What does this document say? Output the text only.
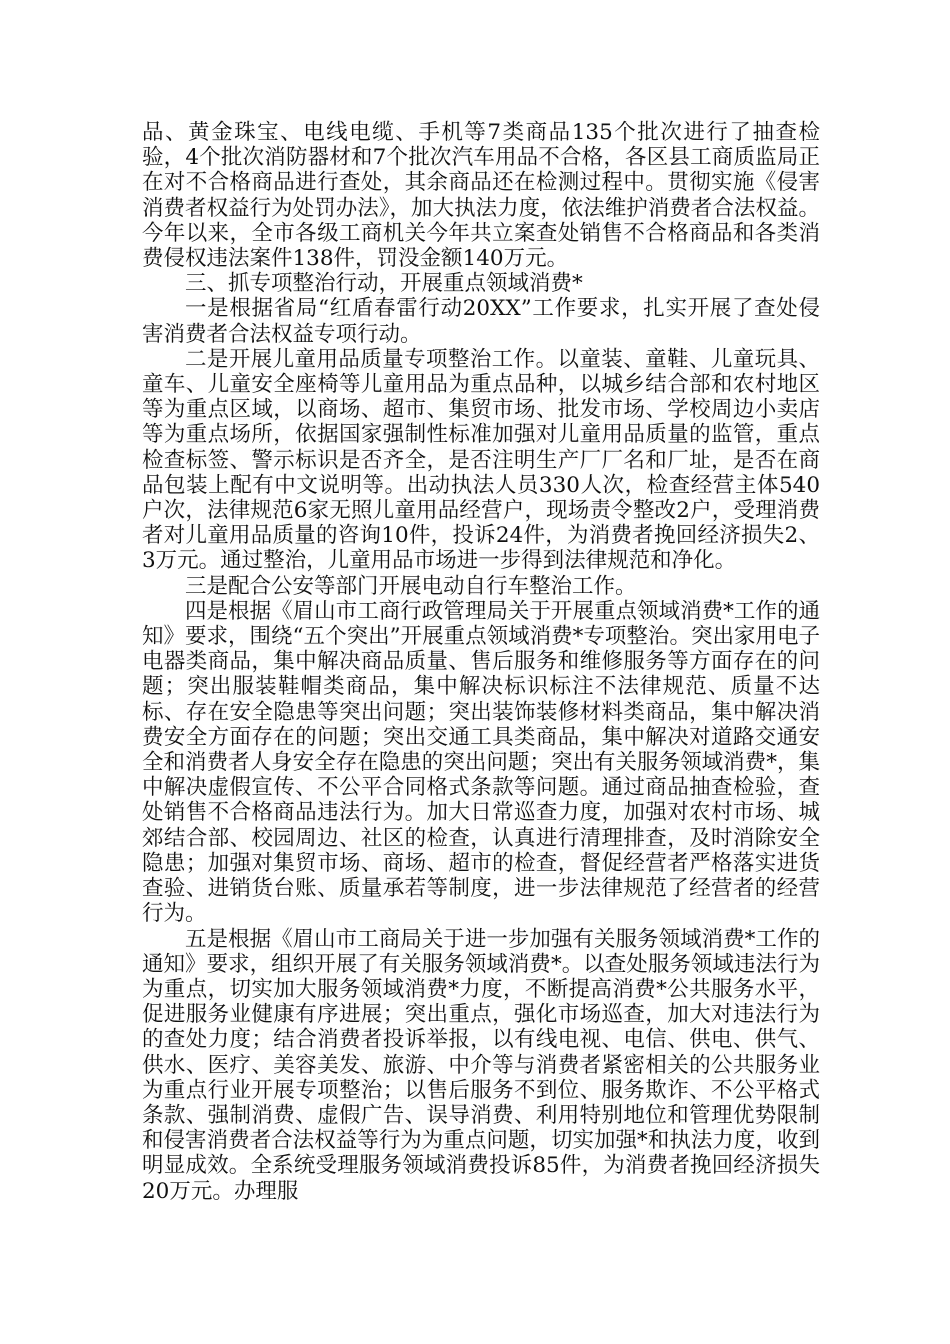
品、黄金珠宝、电线电缆、手机等7类商品135个批次进行了抽查检验，4个批次消防器材和7个批次汽车用品不合格，各区县工商质监局正在对不合格商品进行查处，其余商品还在检测过程中。贯彻实施《侵害消费者权益行为处罚办法》，加大执法力度，依法维护消费者合法权益。今年以来，全市各级工商机关今年共立案查处销售不合格商品和各类消费侵权违法案件138件，罚没金额140万元。

三、抓专项整治行动，开展重点领域消费*

一是根据省局“红盾春雷行动20XX”工作要求，扎实开展了查处侵害消费者合法权益专项行动。

二是开展儿童用品质量专项整治工作。以童装、童鞋、儿童玩具、童车、儿童安全座椅等儿童用品为重点品种，以城乡结合部和农村地区等为重点区域，以商场、超市、集贸市场、批发市场、学校周边小卖店等为重点场所，依据国家强制性标准加强对儿童用品质量的监管，重点检查标签、警示标识是否齐全，是否注明生产厂厂名和厂址，是否在商品包装上配有中文说明等。出动执法人员330人次，检查经营主体540户次，法律规范6家无照儿童用品经营户，现场责令整改2户，受理消费者对儿童用品质量的咨询10件，投诉24件，为消费者挽回经济损失2、3万元。通过整治，儿童用品市场进一步得到法律规范和净化。

三是配合公安等部门开展电动自行车整治工作。

四是根据《眉山市工商行政管理局关于开展重点领域消费*工作的通知》要求，围绕“五个突出”开展重点领域消费*专项整治。突出家用电子电器类商品，集中解决商品质量、售后服务和维修服务等方面存在的问题；突出服装鞋帽类商品，集中解决标识标注不法律规范、质量不达标、存在安全隐患等突出问题；突出装饰装修材料类商品，集中解决消费安全方面存在的问题；突出交通工具类商品，集中解决对道路交通安全和消费者人身安全存在隐患的突出问题；突出有关服务领域消费*，集中解决虚假宣传、不公平合同格式条款等问题。通过商品抽查检验，查处销售不合格商品违法行为。加大日常巡查力度，加强对农村市场、城郊结合部、校园周边、社区的检查，认真进行清理排查，及时消除安全隐患；加强对集贸市场、商场、超市的检查，督促经营者严格落实进货查验、进销货台账、质量承若等制度，进一步法律规范了经营者的经营行为。

五是根据《眉山市工商局关于进一步加强有关服务领域消费*工作的通知》要求，组织开展了有关服务领域消费*。以查处服务领域违法行为为重点，切实加大服务领域消费*力度，不断提高消费*公共服务水平，促进服务业健康有序进展；突出重点，强化市场巡查，加大对违法行为的查处力度；结合消费者投诉举报，以有线电视、电信、供电、供气、供水、医疗、美容美发、旅游、中介等与消费者紧密相关的公共服务业为重点行业开展专项整治；以售后服务不到位、服务欺诈、不公平格式条款、强制消费、虚假广告、误导消费、利用特别地位和管理优势限制和侵害消费者合法权益等行为为重点问题，切实加强*和执法力度，收到明显成效。全系统受理服务领域消费投诉85件，为消费者挽回经济损失20万元。办理服
